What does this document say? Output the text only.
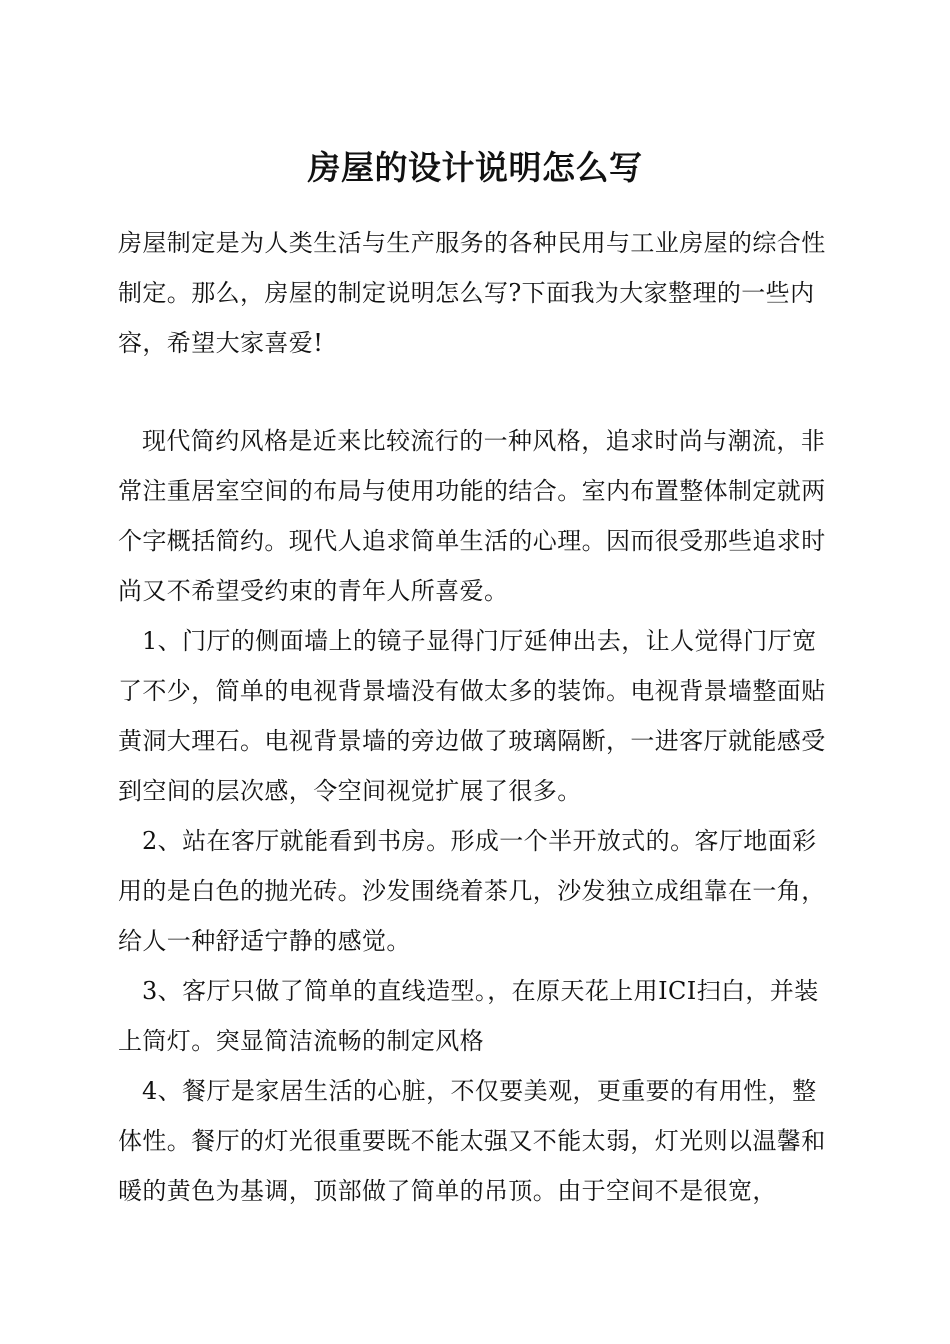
房屋的设计说明怎么写

房屋制定是为人类生活与生产服务的各种民用与工业房屋的综合性制定。那么，房屋的制定说明怎么写?下面我为大家整理的一些内容，希望大家喜爱!

现代简约风格是近来比较流行的一种风格，追求时尚与潮流，非常注重居室空间的布局与使用功能的结合。室内布置整体制定就两个字概括简约。现代人追求简单生活的心理。因而很受那些追求时尚又不希望受约束的青年人所喜爱。

1、门厅的侧面墙上的镜子显得门厅延伸出去，让人觉得门厅宽了不少，简单的电视背景墙没有做太多的装饰。电视背景墙整面贴黄洞大理石。电视背景墙的旁边做了玻璃隔断，一进客厅就能感受到空间的层次感，令空间视觉扩展了很多。

2、站在客厅就能看到书房。形成一个半开放式的。客厅地面彩用的是白色的抛光砖。沙发围绕着茶几，沙发独立成组靠在一角，给人一种舒适宁静的感觉。

3、客厅只做了简单的直线造型。，在原天花上用ICI扫白，并装上筒灯。突显简洁流畅的制定风格

4、餐厅是家居生活的心脏，不仅要美观，更重要的有用性，整体性。餐厅的灯光很重要既不能太强又不能太弱，灯光则以温馨和暖的黄色为基调，顶部做了简单的吊顶。由于空间不是很宽，
